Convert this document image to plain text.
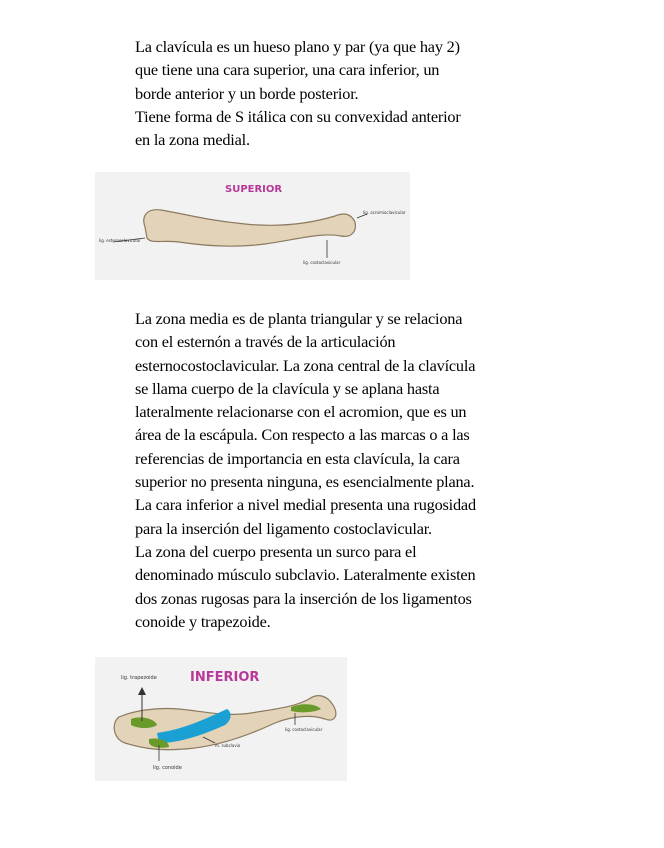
La clavícula es un hueso plano y par (ya que hay 2)
que tiene una cara superior, una cara inferior, un
borde anterior y un borde posterior.
Tiene forma de S itálica con su convexidad anterior
en la zona medial.

SUPERIOR
lig. esternoclavicular
lig. acromioclavicular
lig. costoclavicular

La zona media es de planta triangular y se relaciona
con el esternón a través de la articulación
esternocostoclavicular. La zona central de la clavícula
se llama cuerpo de la clavícula y se aplana hasta
lateralmente relacionarse con el acromion, que es un
área de la escápula. Con respecto a las marcas o a las
referencias de importancia en esta clavícula, la cara
superior no presenta ninguna, es esencialmente plana.
La cara inferior a nivel medial presenta una rugosidad
para la inserción del ligamento costoclavicular.
La zona del cuerpo presenta un surco para el
denominado músculo subclavio. Lateralmente existen
dos zonas rugosas para la inserción de los ligamentos
conoide y trapezoide.

INFERIOR
lig. trapezoide
lig. conoide
m. subclavio
lig. costoclavicular
